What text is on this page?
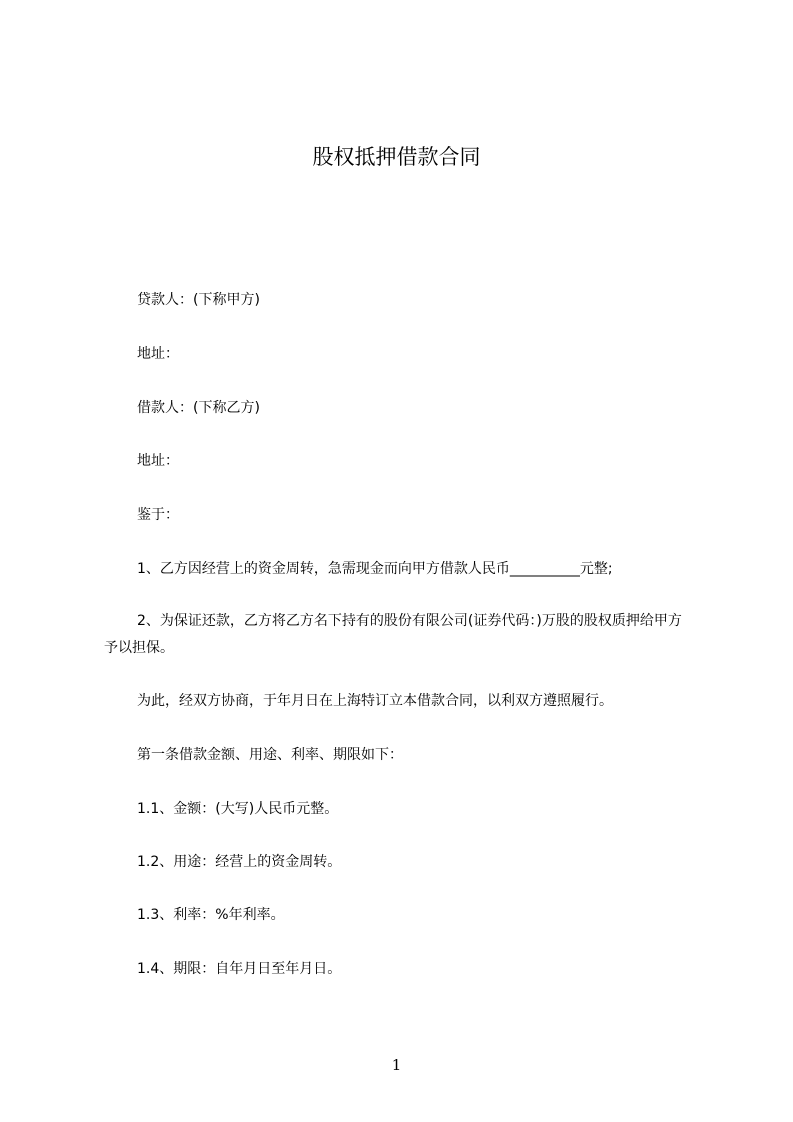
股权抵押借款合同
贷款人：(下称甲方)
地址：
借款人：(下称乙方)
地址：
鉴于：
1、乙方因经营上的资金周转，急需现金而向甲方借款人民币__________元整;
2、为保证还款，乙方将乙方名下持有的股份有限公司(证券代码：)万股的股权质押给甲方予以担保。
为此，经双方协商，于年月日在上海特订立本借款合同，以利双方遵照履行。
第一条借款金额、用途、利率、期限如下：
1.1、金额：(大写)人民币元整。
1.2、用途：经营上的资金周转。
1.3、利率：%年利率。
1.4、期限：自年月日至年月日。
1
